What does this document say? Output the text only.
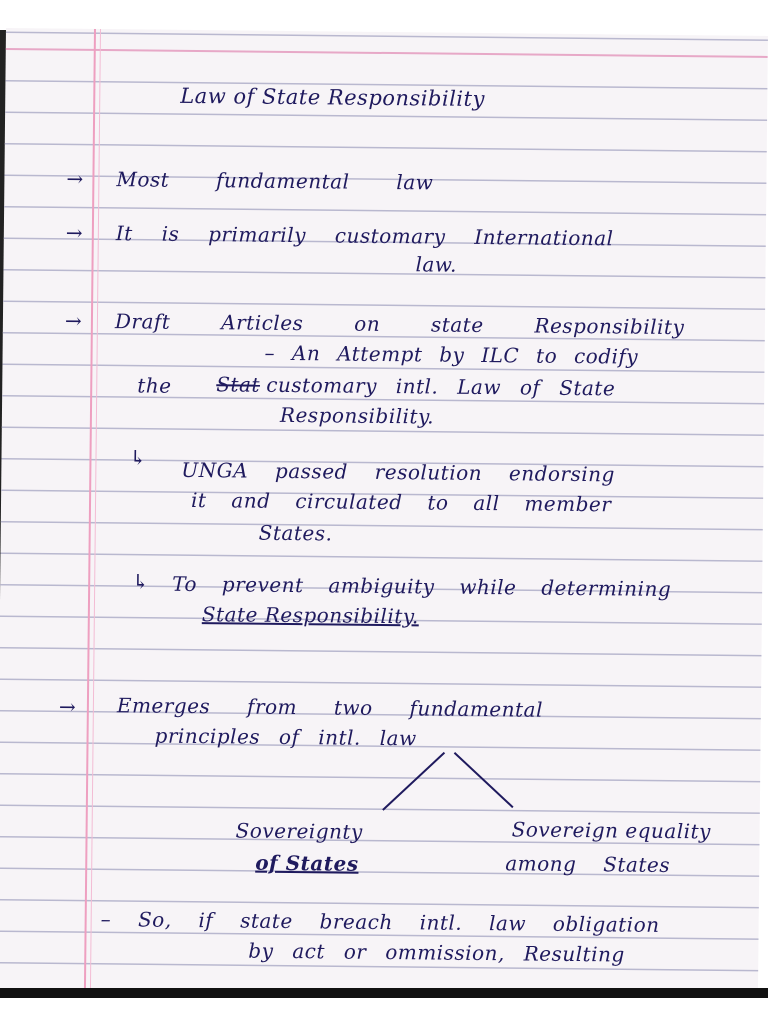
Law of State Responsibility
→ Most fundamental law
→ It is primarily customary International
law.
→ Draft Articles on state Responsibility
– An Attempt by ILC to codify
the Stat customary intl. Law of State
Responsibility.
↳
UNGA passed resolution endorsing
it and circulated to all member
States.
↳ To prevent ambiguity while determining
State Responsibility.
→ Emerges from two fundamental
principles of intl. law
Sovereignty
of States
Sovereign equality
among States
– So, if state breach intl. law obligation
by act or ommission, Resulting
